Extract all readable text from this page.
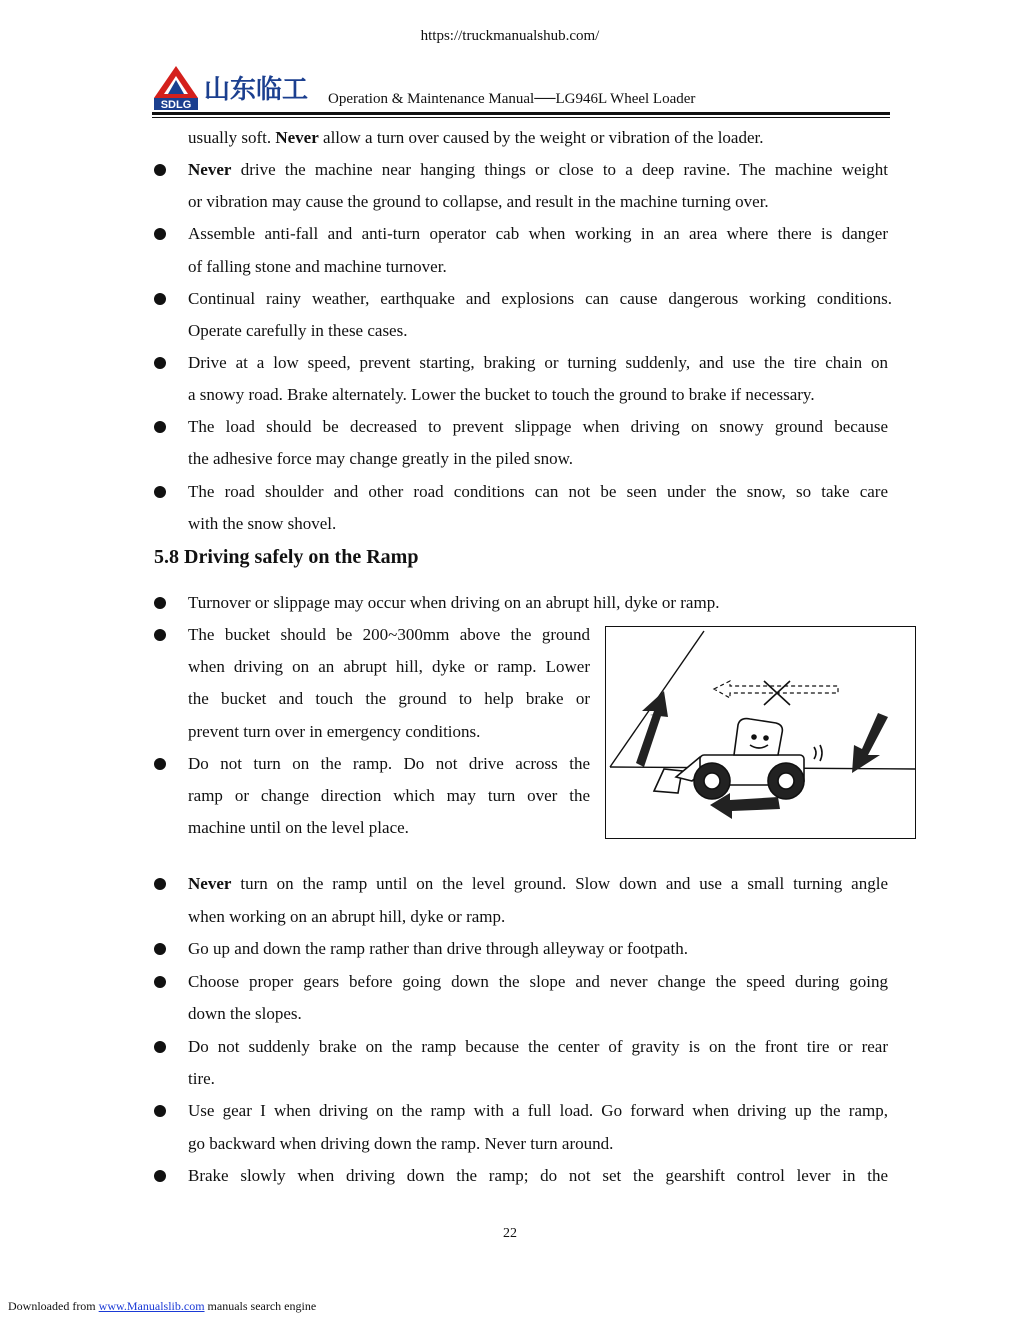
https://truckmanualshub.com/
SDLG 山东临工 Operation & Maintenance Manual──LG946L Wheel Loader
usually soft. Never allow a turn over caused by the weight or vibration of the loader.
Never drive the machine near hanging things or close to a deep ravine. The machine weight
or vibration may cause the ground to collapse, and result in the machine turning over.
Assemble anti-fall and anti-turn operator cab when working in an area where there is danger
of falling stone and machine turnover.
Continual rainy weather, earthquake and explosions can cause dangerous working conditions.
Operate carefully in these cases.
Drive at a low speed, prevent starting, braking or turning suddenly, and use the tire chain on
a snowy road. Brake alternately. Lower the bucket to touch the ground to brake if necessary.
The load should be decreased to prevent slippage when driving on snowy ground because
the adhesive force may change greatly in the piled snow.
The road shoulder and other road conditions can not be seen under the snow, so take care
with the snow shovel.
5.8 Driving safely on the Ramp
Turnover or slippage may occur when driving on an abrupt hill, dyke or ramp.
The bucket should be 200~300mm above the ground
when driving on an abrupt hill, dyke or ramp. Lower
the bucket and touch the ground to help brake or
prevent turn over in emergency conditions.
Do not turn on the ramp. Do not drive across the
ramp or change direction which may turn over the
machine until on the level place.
Never turn on the ramp until on the level ground. Slow down and use a small turning angle
when working on an abrupt hill, dyke or ramp.
Go up and down the ramp rather than drive through alleyway or footpath.
Choose proper gears before going down the slope and never change the speed during going
down the slopes.
Do not suddenly brake on the ramp because the center of gravity is on the front tire or rear
tire.
Use gear I when driving on the ramp with a full load. Go forward when driving up the ramp,
go backward when driving down the ramp. Never turn around.
Brake slowly when driving down the ramp; do not set the gearshift control lever in the
22
Downloaded from www.Manualslib.com manuals search engine
